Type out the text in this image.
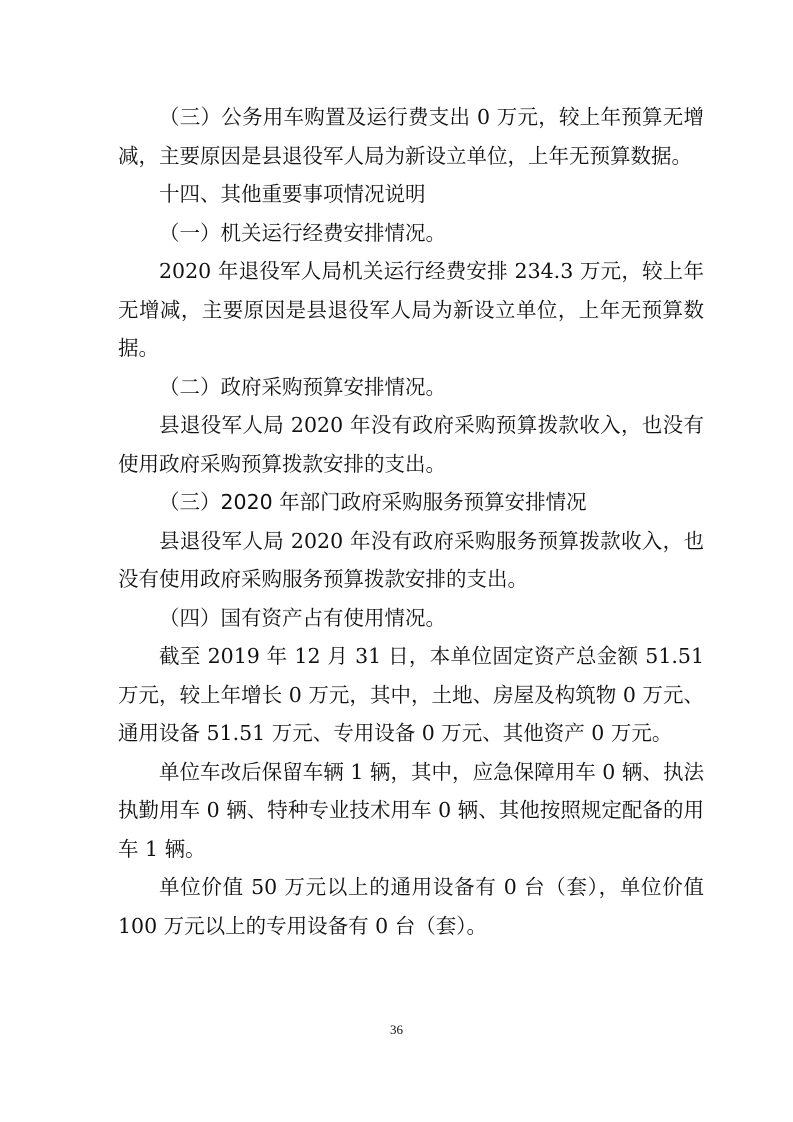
（三）公务用车购置及运行费支出 0 万元，较上年预算无增减，主要原因是县退役军人局为新设立单位，上年无预算数据。

十四、其他重要事项情况说明

（一）机关运行经费安排情况。

2020 年退役军人局机关运行经费安排 234.3 万元，较上年无增减，主要原因是县退役军人局为新设立单位，上年无预算数据。

（二）政府采购预算安排情况。

县退役军人局 2020 年没有政府采购预算拨款收入，也没有使用政府采购预算拨款安排的支出。

（三）2020 年部门政府采购服务预算安排情况

县退役军人局 2020 年没有政府采购服务预算拨款收入，也没有使用政府采购服务预算拨款安排的支出。

（四）国有资产占有使用情况。

截至 2019 年 12 月 31 日，本单位固定资产总金额 51.51 万元，较上年增长 0 万元，其中，土地、房屋及构筑物 0 万元、通用设备 51.51 万元、专用设备 0 万元、其他资产 0 万元。

单位车改后保留车辆 1 辆，其中，应急保障用车 0 辆、执法执勤用车 0 辆、特种专业技术用车 0 辆、其他按照规定配备的用车 1 辆。

单位价值 50 万元以上的通用设备有 0 台（套），单位价值 100 万元以上的专用设备有 0 台（套）。

36
